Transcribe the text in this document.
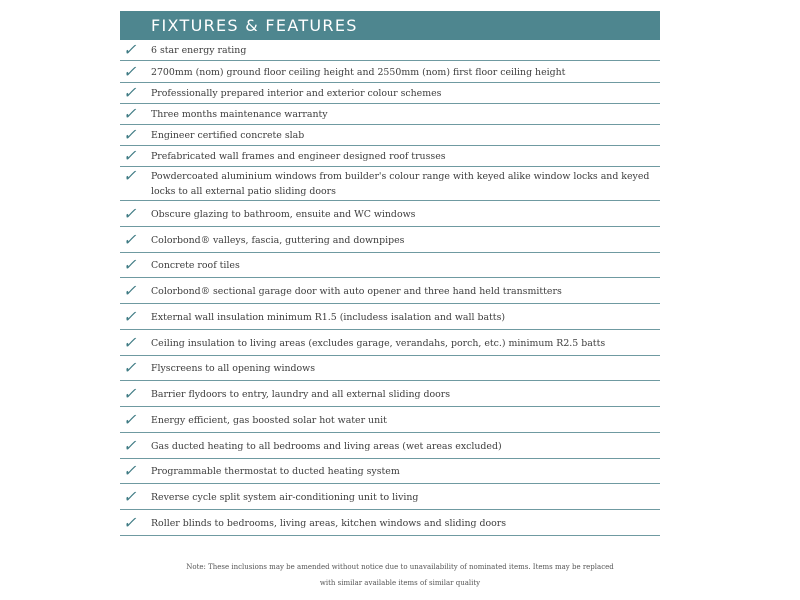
FIXTURES & FEATURES
✓	6 star energy rating
✓	2700mm (nom) ground floor ceiling height and 2550mm (nom) first floor ceiling height
✓	Professionally prepared interior and exterior colour schemes
✓	Three months maintenance warranty
✓	Engineer certified concrete slab
✓	Prefabricated wall frames and engineer designed roof trusses
✓	Powdercoated aluminium windows from builder's colour range with keyed alike window locks and keyed locks to all external patio sliding doors
✓	Obscure glazing to bathroom, ensuite and WC windows
✓	Colorbond® valleys, fascia, guttering and downpipes
✓	Concrete roof tiles
✓	Colorbond® sectional garage door with auto opener and three hand held transmitters
✓	External wall insulation minimum R1.5 (includess isalation and wall batts)
✓	Ceiling insulation to living areas (excludes garage, verandahs, porch, etc.) minimum R2.5 batts
✓	Flyscreens to all opening windows
✓	Barrier flydoors to entry, laundry and all external sliding doors
✓	Energy efficient, gas boosted solar hot water unit
✓	Gas ducted heating to all bedrooms and living areas (wet areas excluded)
✓	Programmable thermostat to ducted heating system
✓	Reverse cycle split system air-conditioning unit to living
✓	Roller blinds to bedrooms, living areas, kitchen windows and sliding doors
Note: These inclusions may be amended without notice due to unavailability of nominated items. Items may be replaced
with similar available items of similar quality
